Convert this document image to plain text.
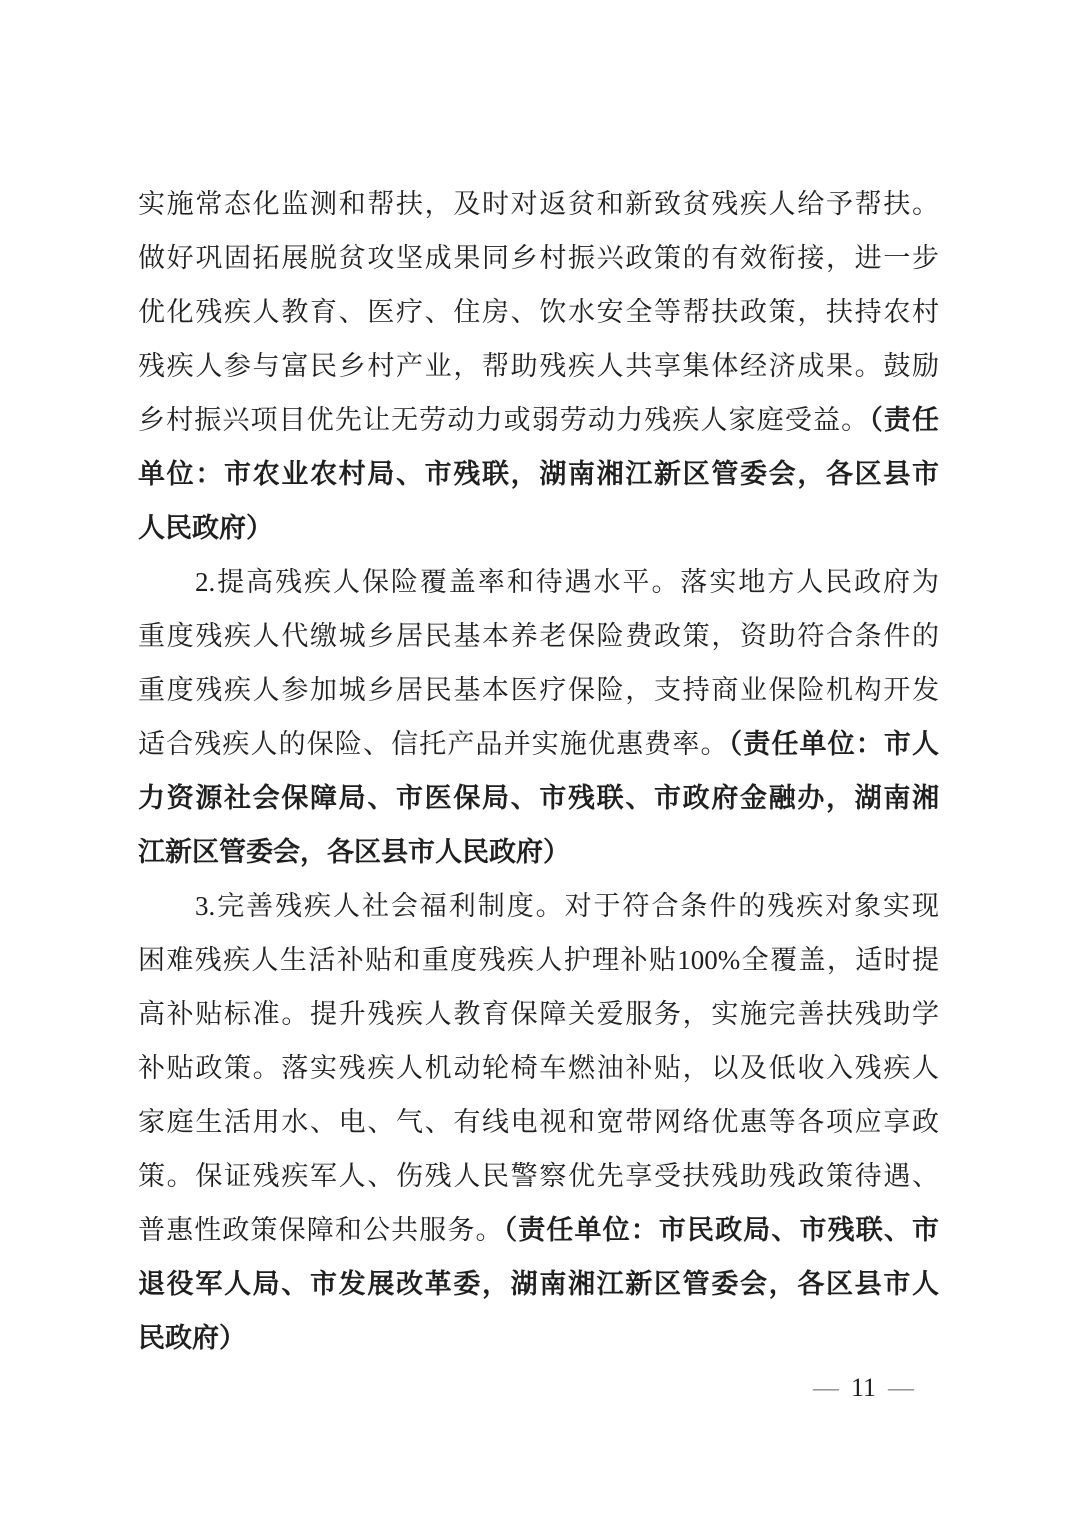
实施常态化监测和帮扶，及时对返贫和新致贫残疾人给予帮扶。
做好巩固拓展脱贫攻坚成果同乡村振兴政策的有效衔接，进一步
优化残疾人教育、医疗、住房、饮水安全等帮扶政策，扶持农村
残疾人参与富民乡村产业，帮助残疾人共享集体经济成果。鼓励
乡村振兴项目优先让无劳动力或弱劳动力残疾人家庭受益。（责任
单位：市农业农村局、市残联，湖南湘江新区管委会，各区县市
人民政府）
2.提高残疾人保险覆盖率和待遇水平。落实地方人民政府为
重度残疾人代缴城乡居民基本养老保险费政策，资助符合条件的
重度残疾人参加城乡居民基本医疗保险，支持商业保险机构开发
适合残疾人的保险、信托产品并实施优惠费率。（责任单位：市人
力资源社会保障局、市医保局、市残联、市政府金融办，湖南湘
江新区管委会，各区县市人民政府）
3.完善残疾人社会福利制度。对于符合条件的残疾对象实现
困难残疾人生活补贴和重度残疾人护理补贴100%全覆盖，适时提
高补贴标准。提升残疾人教育保障关爱服务，实施完善扶残助学
补贴政策。落实残疾人机动轮椅车燃油补贴，以及低收入残疾人
家庭生活用水、电、气、有线电视和宽带网络优惠等各项应享政
策。保证残疾军人、伤残人民警察优先享受扶残助残政策待遇、
普惠性政策保障和公共服务。（责任单位：市民政局、市残联、市
退役军人局、市发展改革委，湖南湘江新区管委会，各区县市人
民政府）
— 11 —
